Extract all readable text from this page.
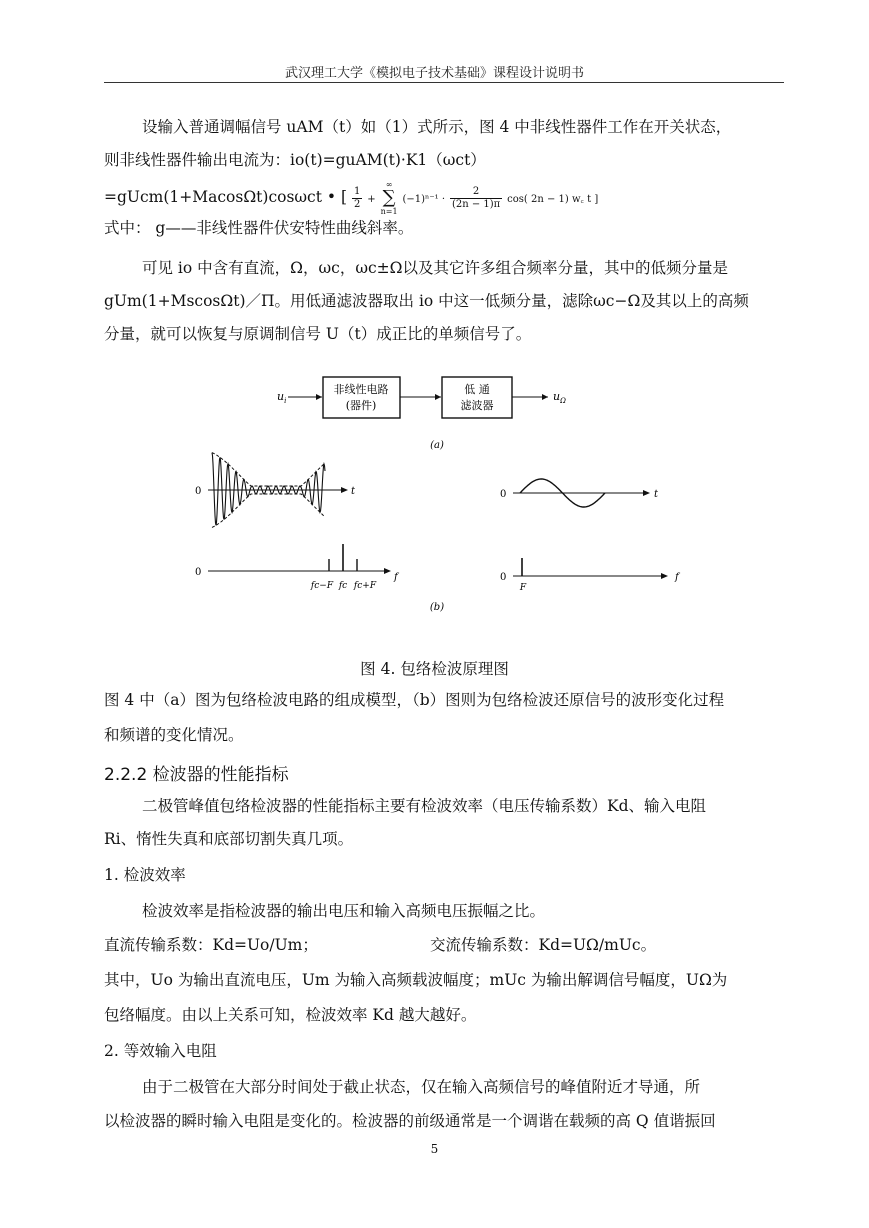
武汉理工大学《模拟电子技术基础》课程设计说明书
设输入普通调幅信号 uAM（t）如（1）式所示，图 4 中非线性器件工作在开关状态，
则非线性器件输出电流为：io(t)=guAM(t)·K1（ωct）
=gUcm(1+MacosΩt)cosωct • [ $\frac{1}{2}$ + ∞
∑
n=1 $(-1)^{n-1} \cdot \frac{2}{(2n - 1)\pi} \cos$( 2n − 1) w꜀ t ]
式中： g——非线性器件伏安特性曲线斜率。
可见 io 中含有直流，Ω，ωc，ωc±Ω以及其它许多组合频率分量，其中的低频分量是
gUm(1+MscosΩt)／Π。用低通滤波器取出 io 中这一低频分量，滤除ωc−Ω及其以上的高频
分量，就可以恢复与原调制信号 U（t）成正比的单频信号了。
$u_i$
非线性电路
(器件)
低 通
滤波器
$u_\Omega$
(a)
0	t	0	t
0	f
fc−F fc fc+F
0	f
F
(b)
图 4. 包络检波原理图
图 4 中（a）图为包络检波电路的组成模型，（b）图则为包络检波还原信号的波形变化过程
和频谱的变化情况。
2.2.2 检波器的性能指标
二极管峰值包络检波器的性能指标主要有检波效率（电压传输系数）Kd、输入电阻
Ri、惰性失真和底部切割失真几项。
1. 检波效率
检波效率是指检波器的输出电压和输入高频电压振幅之比。
直流传输系数：Kd=Uo/Um；	交流传输系数：Kd=UΩ/mUc。
其中，Uo 为输出直流电压，Um 为输入高频载波幅度；mUc 为输出解调信号幅度，UΩ为
包络幅度。由以上关系可知，检波效率 Kd 越大越好。
2. 等效输入电阻
由于二极管在大部分时间处于截止状态，仅在输入高频信号的峰值附近才导通，所
以检波器的瞬时输入电阻是变化的。检波器的前级通常是一个调谐在载频的高 Q 值谐振回
5
